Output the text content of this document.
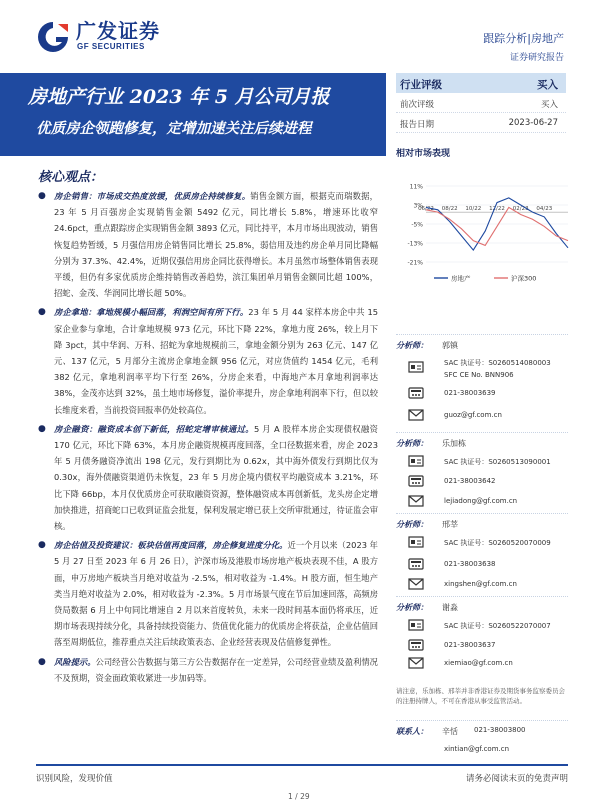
广发证券
GF SECURITIES
跟踪分析|房地产
证券研究报告
房地产行业 2023 年 5 月公司月报
优质房企领跑修复，定增加速关注后续进程
行业评级	买入
前次评级	买入
报告日期	2023-06-27
核心观点：
● 房企销售：市场成交热度放缓，优质房企持续修复。销售金额方面，根据克而瑞数据，23 年 5 月百强房企实现销售金额 5492 亿元，同比增长 5.8%，增速环比收窄 24.6pct，重点跟踪房企实现销售金额 3893 亿元，同比持平，本月市场出现波动，销售恢复趋势暂缓，5 月强信用房企销售同比增长 25.8%，弱信用及违约房企单月同比降幅分别为 37.3%、42.4%，近期仅强信用房企同比获得增长。本月虽然市场整体销售表现平缓，但仍有多家优质房企维持销售改善趋势，滨江集团单月销售金额同比超 100%，招蛇、金茂、华润同比增长超 50%。
● 房企拿地：拿地规模小幅回落，利润空间有所下行。23 年 5 月 44 家样本房企中共 15 家企业参与拿地，合计拿地规模 973 亿元，环比下降 22%，拿地力度 26%，较上月下降 3pct，其中华润、万科、招蛇为拿地规模前三，拿地金额分别为 263 亿元、147 亿元、137 亿元，5 月部分主流房企拿地金额 956 亿元，对应货值约 1454 亿元，毛利 382 亿元，拿地利润率平均下行至 26%，分房企来看，中海地产本月拿地利润率达 38%，金茂亦达到 32%，虽土地市场修复，溢价率提升，房企拿地利润率下行，但以较长维度来看，当前投资回报率仍处较高位。
● 房企融资：融资成本创下新低，招蛇定增审核通过。5 月 A 股样本房企实现债权融资 170 亿元，环比下降 63%，本月房企融资规模再度回落，全口径数据来看，房企 2023 年 5 月债务融资净流出 198 亿元，发行到期比为 0.62x，其中海外债发行到期比仅为 0.30x，海外债融资渠道仍未恢复，23 年 5 月房企境内债权平均融资成本 3.21%，环比下降 66bp，本月仅优质房企可获取融资资源，整体融资成本再创新低，龙头房企定增加快推进，招商蛇口已收到证监会批复，保利发展定增已获上交所审批通过，待证监会审核。
● 房企估值及投资建议：板块估值再度回落，房企修复进度分化。近一个月以来（2023 年 5 月 27 日至 2023 年 6 月 26 日），沪深市场及港股市场房地产板块表现不佳，A 股方面，申万房地产板块当月绝对收益为 -2.5%，相对收益为 -1.4%。H 股方面，恒生地产类当月绝对收益为 2.0%，相对收益为 -2.3%。5 月市场景气度在节后加速回落，高频房贷局数据 6 月上中旬同比增速自 2 月以来首度转负，未来一段时间基本面仍将承压，近期市场表现持续分化，具备持续投资能力、货值优化能力的优质房企将获益，企业估值回落至周期低位，推荐重点关注后续政策表态、企业经营表现及估值修复弹性。
● 风险提示。公司经营公告数据与第三方公告数据存在一定差异，公司经营业绩及盈利情况不及预期，资金面政策收紧进一步加码等。
相对市场表现
11%
3%
-5%
-13%
-21%
06/22 08/22 10/22 12/22 02/23 04/23
房地产	沪深300
分析师： 郭镇
SAC 执证号：S0260514080003
SFC CE No. BNN906
021-38003639
guoz@gf.com.cn
分析师： 乐加栋
SAC 执证号：S0260513090001
021-38003642
lejiadong@gf.com.cn
分析师： 邢莘
SAC 执证号：S0260520070009
021-38003638
xingshen@gf.com.cn
分析师： 谢淼
SAC 执证号：S0260522070007
021-38003637
xiemiao@gf.com.cn
请注意，乐加栋、邢莘并非香港证券及期货事务监察委员会的注册持牌人，不可在香港从事受监管活动。
联系人： 辛恬 021-38003800
xintian@gf.com.cn
识别风险，发现价值	请务必阅读末页的免责声明
1 / 29
